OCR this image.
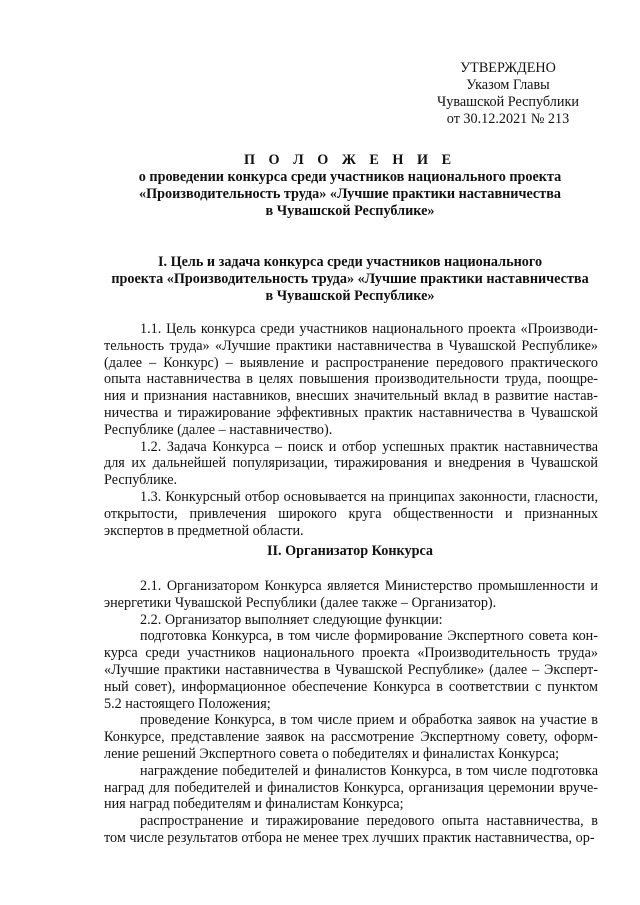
УТВЕРЖДЕНО
Указом Главы
Чувашской Республики
от 30.12.2021 № 213
П О Л О Ж Е Н И Е
о проведении конкурса среди участников национального проекта
«Производительность труда» «Лучшие практики наставничества
в Чувашской Республике»
I. Цель и задача конкурса среди участников национального
проекта «Производительность труда» «Лучшие практики наставничества
в Чувашской Республике»

1.1. Цель конкурса среди участников национального проекта «Производительность труда» «Лучшие практики наставничества в Чувашской Республике» (далее – Конкурс) – выявление и распространение передового практического опыта наставничества в целях повышения производительности труда, поощрения и признания наставников, внесших значительный вклад в развитие наставничества и тиражирование эффективных практик наставничества в Чувашской Республике (далее – наставничество).

1.2. Задача Конкурса – поиск и отбор успешных практик наставничества для их дальнейшей популяризации, тиражирования и внедрения в Чувашской Республике.

1.3. Конкурсный отбор основывается на принципах законности, гласности, открытости, привлечения широкого круга общественности и признанных экспертов в предметной области.

II. Организатор Конкурса

2.1. Организатором Конкурса является Министерство промышленности и энергетики Чувашской Республики (далее также – Организатор).

2.2. Организатор выполняет следующие функции:

подготовка Конкурса, в том числе формирование Экспертного совета конкурса среди участников национального проекта «Производительность труда» «Лучшие практики наставничества в Чувашской Республике» (далее – Экспертный совет), информационное обеспечение Конкурса в соответствии с пунктом 5.2 настоящего Положения;

проведение Конкурса, в том числе прием и обработка заявок на участие в Конкурсе, представление заявок на рассмотрение Экспертному совету, оформление решений Экспертного совета о победителях и финалистах Конкурса;

награждение победителей и финалистов Конкурса, в том числе подготовка наград для победителей и финалистов Конкурса, организация церемонии вручения наград победителям и финалистам Конкурса;

распространение и тиражирование передового опыта наставничества, в том числе результатов отбора не менее трех лучших практик наставничества, ор-
